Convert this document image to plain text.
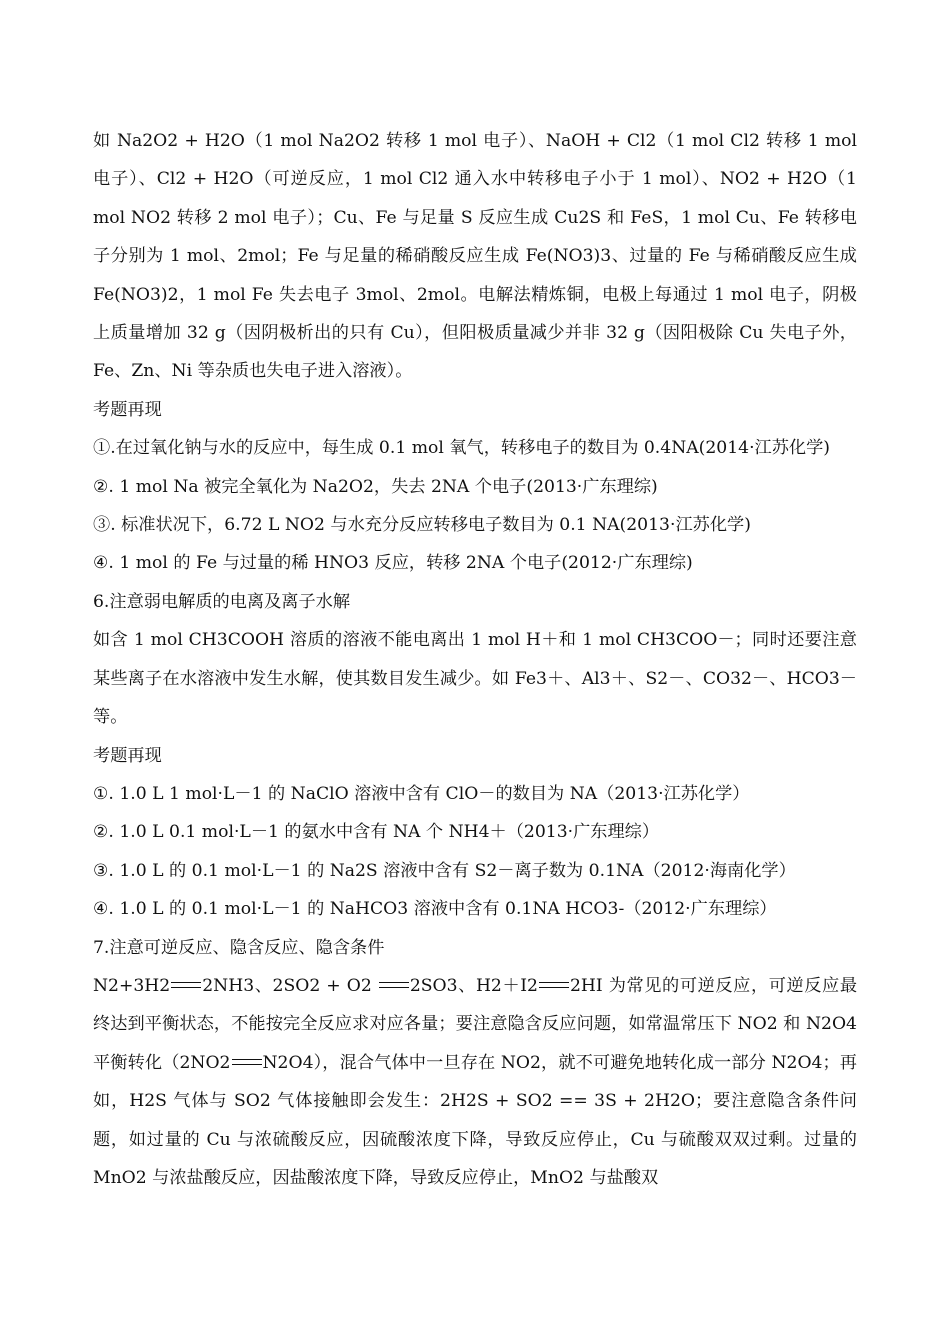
如 Na2O2 + H2O（1 mol Na2O2 转移 1 mol 电子）、NaOH + Cl2（1 mol Cl2 转移 1 mol 电子）、Cl2 + H2O（可逆反应，1 mol Cl2 通入水中转移电子小于 1 mol）、NO2 + H2O（1 mol NO2 转移 2 mol 电子）；Cu、Fe 与足量 S 反应生成 Cu2S 和 FeS，1 mol Cu、Fe 转移电子分别为 1 mol、2mol；Fe 与足量的稀硝酸反应生成 Fe(NO3)3、过量的 Fe 与稀硝酸反应生成 Fe(NO3)2，1 mol Fe 失去电子 3mol、2mol。电解法精炼铜，电极上每通过 1 mol 电子，阴极上质量增加 32 g（因阴极析出的只有 Cu），但阳极质量减少并非 32 g（因阳极除 Cu 失电子外，Fe、Zn、Ni 等杂质也失电子进入溶液）。

考题再现

①.在过氧化钠与水的反应中，每生成 0.1 mol 氧气，转移电子的数目为 0.4NA(2014·江苏化学)

②. 1 mol Na 被完全氧化为 Na2O2，失去 2NA 个电子(2013·广东理综)

③. 标准状况下，6.72 L NO2 与水充分反应转移电子数目为 0.1 NA(2013·江苏化学)

④. 1 mol 的 Fe 与过量的稀 HNO3 反应，转移 2NA 个电子(2012·广东理综)

6.注意弱电解质的电离及离子水解

如含 1 mol CH3COOH 溶质的溶液不能电离出 1 mol H＋和 1 mol CH3COO－；同时还要注意某些离子在水溶液中发生水解，使其数目发生减少。如 Fe3＋、Al3＋、S2－、CO32－、HCO3－等。

考题再现

①. 1.0 L 1 mol·L－1 的 NaClO 溶液中含有 ClO－的数目为 NA（2013·江苏化学）

②. 1.0 L 0.1 mol·L－1 的氨水中含有 NA 个 NH4＋（2013·广东理综）

③. 1.0 L 的 0.1 mol·L－1 的 Na2S 溶液中含有 S2－离子数为 0.1NA（2012·海南化学）

④. 1.0 L 的 0.1 mol·L－1 的 NaHCO3 溶液中含有 0.1NA HCO3-（2012·广东理综）

7.注意可逆反应、隐含反应、隐含条件

N2+3H2 2NH3、2SO2 + O2
2SO3、H2＋I2 2HI 为常见的可逆反应，可逆反应最终达到平衡状态，不能按完全反应求对应各量；要注意隐含反应问题，如常温常压下 NO2 和 N2O4 平衡转化（2NO2 N2O4），混合气体中一旦存在 NO2，就不可避免地转化成一部分 N2O4；再如，H2S 气体与 SO2 气体接触即会发生：2H2S + SO2 == 3S + 2H2O；要注意隐含条件问题，如过量的 Cu 与浓硫酸反应，因硫酸浓度下降，导致反应停止，Cu 与硫酸双双过剩。过量的 MnO2 与浓盐酸反应，因盐酸浓度下降，导致反应停止，MnO2 与盐酸双
